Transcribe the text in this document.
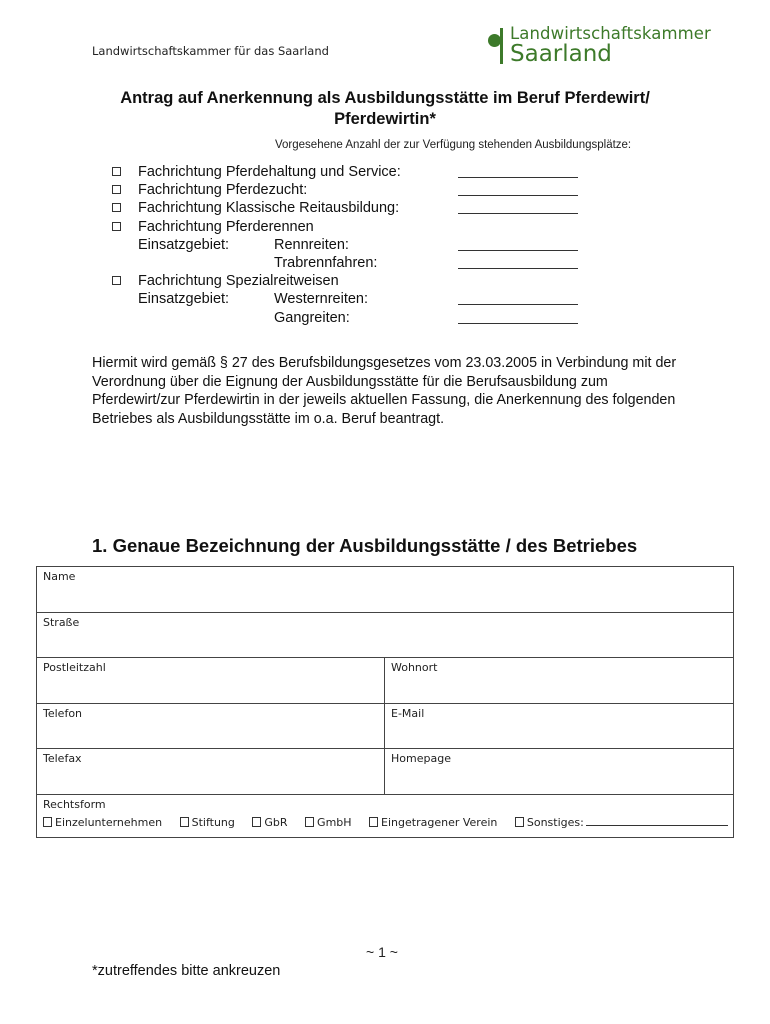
Landwirtschaftskammer für das Saarland
Landwirtschaftskammer
Saarland
Antrag auf Anerkennung als Ausbildungsstätte im Beruf Pferdewirt/
Pferdewirtin*
Vorgesehene Anzahl der zur Verfügung stehenden Ausbildungsplätze:
Fachrichtung Pferdehaltung und Service:
Fachrichtung Pferdezucht:
Fachrichtung Klassische Reitausbildung:
Fachrichtung Pferderennen
Einsatzgebiet:	Rennreiten:
Trabrennfahren:
Fachrichtung Spezialreitweisen
Einsatzgebiet:	Westernreiten:
Gangreiten:
Hiermit wird gemäß § 27 des Berufsbildungsgesetzes vom 23.03.2005 in Verbindung mit der Verordnung über die Eignung der Ausbildungsstätte für die Berufsausbildung zum Pferdewirt/zur Pferdewirtin in der jeweils aktuellen Fassung, die Anerkennung des folgenden Betriebes als Ausbildungsstätte im o.a. Beruf beantragt.
1. Genaue Bezeichnung der Ausbildungsstätte / des Betriebes
Name
Straße
Postleitzahl	Wohnort
Telefon	E-Mail
Telefax	Homepage
Rechtsform
Einzelunternehmen	Stiftung	GbR	GmbH	Eingetragener Verein	Sonstiges:
~ 1 ~
*zutreffendes bitte ankreuzen
